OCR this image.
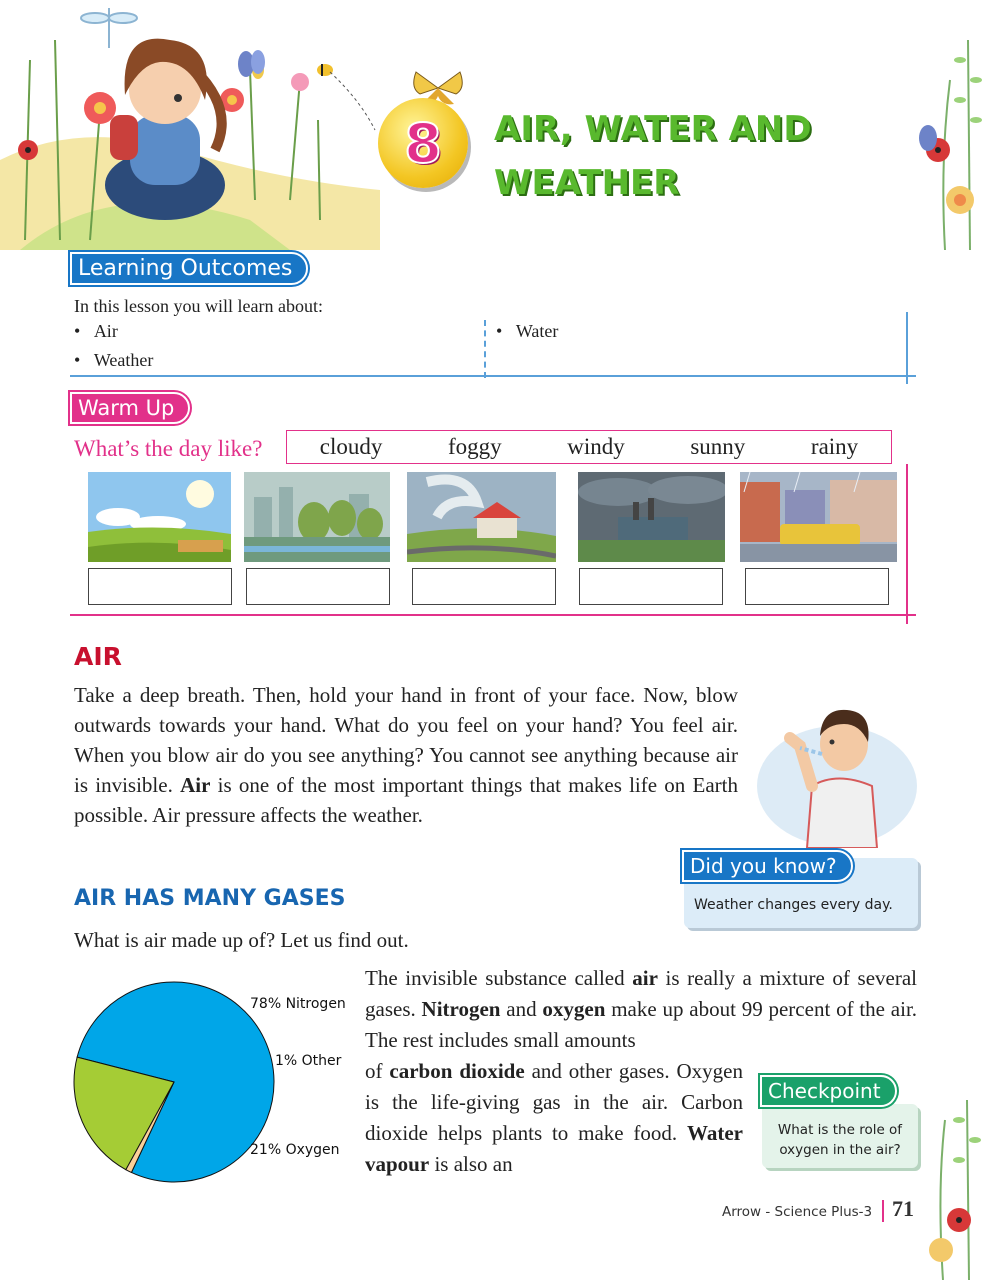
8 AIR, WATER AND
WEATHER
Learning Outcomes
In this lesson you will learn about:
•   Air	•   Water
•   Weather
Warm Up
What’s the day like? cloudy	foggy	windy	sunny	rainy
AIR
Take a deep breath. Then, hold your hand in front of your face. Now, blow outwards towards your hand. What do you feel on your hand? You feel air. When you blow air do you see anything? You cannot see anything because air is invisible. Air is one of the most important things that makes life on Earth possible. Air pressure affects the weather.
Did you know?
Weather changes every day.
AIR HAS MANY GASES
What is air made up of? Let us find out.
78% Nitrogen
1% Other
21% Oxygen
The invisible substance called air is really a mixture of several gases. Nitrogen and oxygen make up about 99 percent of the air. The rest includes small amounts
of carbon dioxide and other gases. Oxygen is the life-giving gas in the air. Carbon dioxide helps plants to make food. Water vapour is also an
Checkpoint
What is the role of
oxygen in the air?
Arrow - Science Plus-3 71
